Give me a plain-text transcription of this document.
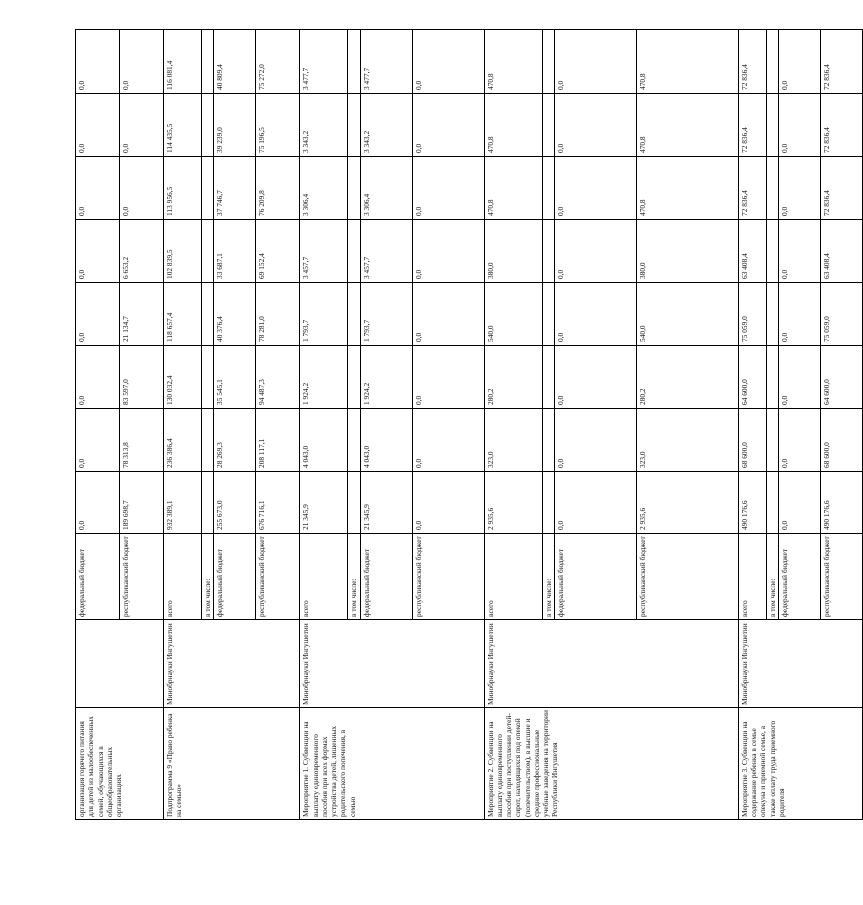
организация горячего питания для детей из малообеспеченных семей, обучающихся в общеобразовательных организациях		федеральный бюджет	0,0	0,0	0,0	0,0	0,0	0,0	0,0	0,0
		республиканский бюджет	189 698,7	78 313,8	83 597,0	21 134,7	6 653,2	0,0	0,0	0,0
Подпрограмма 9 «Право ребенка на семью»	Минобрнауки Ингушетии	всего	932 389,1	236 386,4	130 032,4	118 657,4	102 839,5	113 956,5	114 435,5	116 081,4
		в том числе:								
		федеральный бюджет	255 673,0	28 269,3	35 545,1	40 376,4	33 687,1	37 746,7	39 239,0	40 809,4
		республиканский бюджет	676 716,1	208 117,1	94 487,3	78 281,0	69 152,4	76 209,8	75 196,5	75 272,0
Мероприятие 1. Субвенции на выплату единовременного пособия при всех формах устройства детей, лишенных родительского попечения, в семью	Минобрнауки Ингушетии	всего	21 345,9	4 043,0	1 924,2	1 793,7	3 457,7	3 306,4	3 343,2	3 477,7
		в том числе:								
		федеральный бюджет	21 345,9	4 043,0	1 924,2	1 793,7	3 457,7	3 306,4	3 343,2	3 477,7
		республиканский бюджет	0,0	0,0	0,0	0,0	0,0	0,0	0,0	0,0
Мероприятие 2. Субвенции на выплату единовременного пособия при поступлении детей-сирот, находящихся под опекой (попечительством), в высшие и средние профессиональные учебные заведения на территории Республики Ингушетия	Минобрнауки Ингушетии	всего	2 935,6	323,0	280,2	540,0	380,0	470,8	470,8	470,8
		в том числе:								
		федеральный бюджет	0,0	0,0	0,0	0,0	0,0	0,0	0,0	0,0
		республиканский бюджет	2 935,6	323,0	280,2	540,0	380,0	470,8	470,8	470,8
Мероприятие 3. Субвенции на содержание ребенка в семье опекуна и приемной семье, а также оплату труда приемного родителя	Минобрнауки Ингушетии	всего	490 176,6	68 600,0	64 600,0	75 059,0	63 408,4	72 836,4	72 836,4	72 836,4
		в том числе:								
		федеральный бюджет	0,0	0,0	0,0	0,0	0,0	0,0	0,0	0,0
		республиканский бюджет	490 176,6	68 600,0	64 600,0	75 059,0	63 408,4	72 836,4	72 836,4	72 836,4
